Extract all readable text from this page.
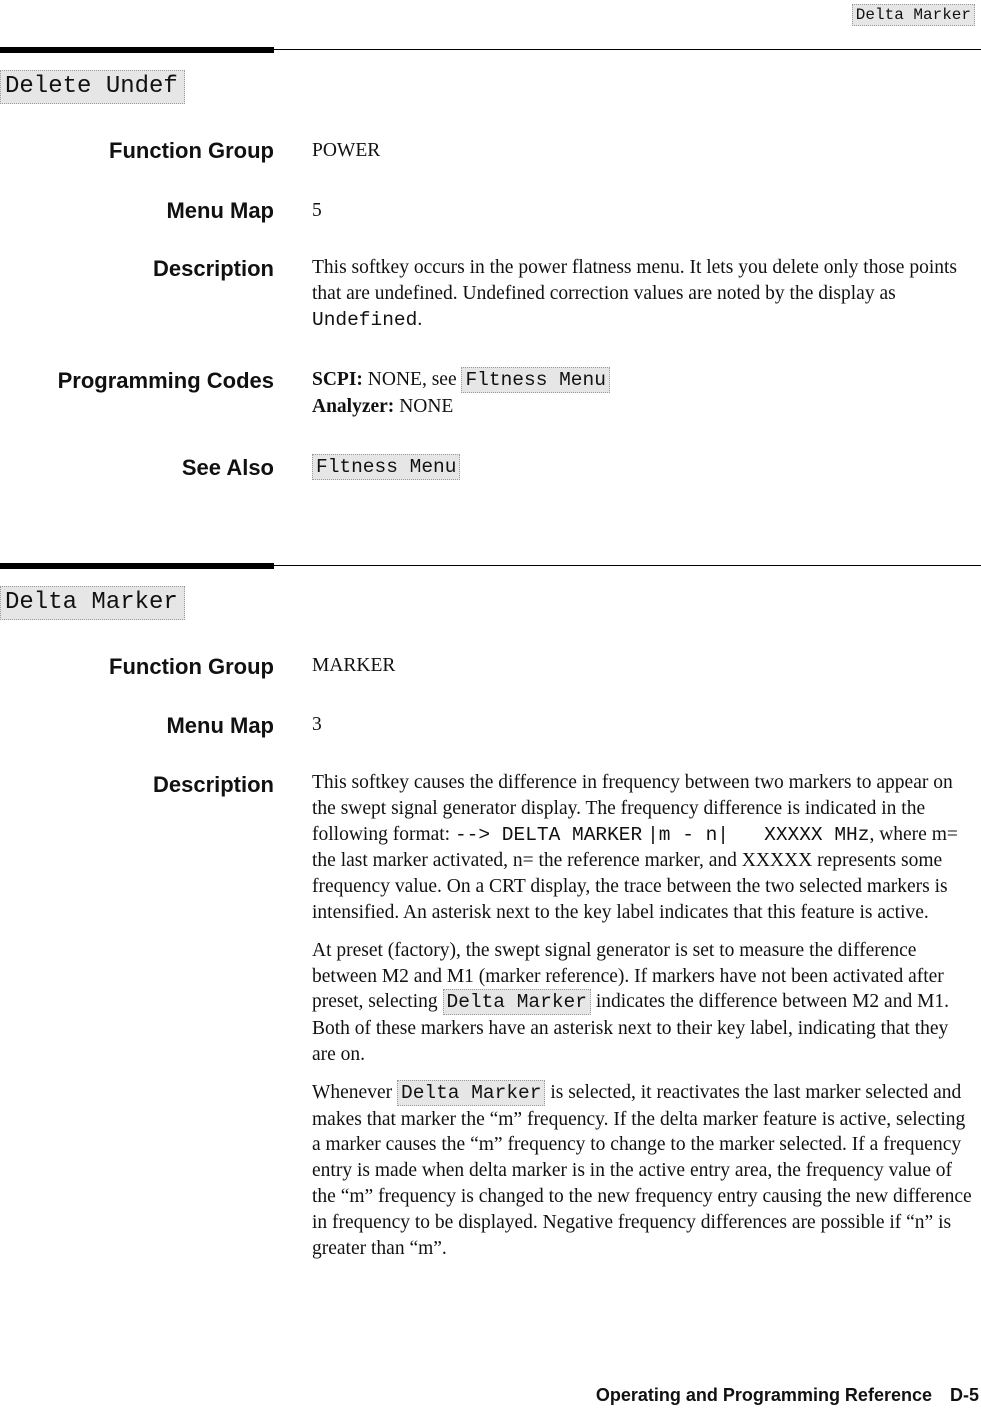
Delta Marker
Delete Undef
Function Group POWER
Menu Map 5
Description This softkey occurs in the power flatness menu. It lets you delete only those points that are undefined. Undefined correction values are noted by the display as Undefined.
Programming Codes SCPI: NONE, see Fltness Menu
Analyzer: NONE
See Also Fltness Menu
Delta Marker
Function Group MARKER
Menu Map 3
Description This softkey causes the difference in frequency between two markers to appear on the swept signal generator display. The frequency difference is indicated in the following format: --> DELTA MARKER |m - n|   XXXXX MHz, where m= the last marker activated, n= the reference marker, and XXXXX represents some frequency value. On a CRT display, the trace between the two selected markers is intensified. An asterisk next to the key label indicates that this feature is active.

At preset (factory), the swept signal generator is set to measure the difference between M2 and M1 (marker reference). If markers have not been activated after preset, selecting Delta Marker indicates the difference between M2 and M1. Both of these markers have an asterisk next to their key label, indicating that they are on.

Whenever Delta Marker is selected, it reactivates the last marker selected and makes that marker the “m” frequency. If the delta marker feature is active, selecting a marker causes the “m” frequency to change to the marker selected. If a frequency entry is made when delta marker is in the active entry area, the frequency value of the “m” frequency is changed to the new frequency entry causing the new difference in frequency to be displayed. Negative frequency differences are possible if “n” is greater than “m”.

Operating and Programming Reference D-5
